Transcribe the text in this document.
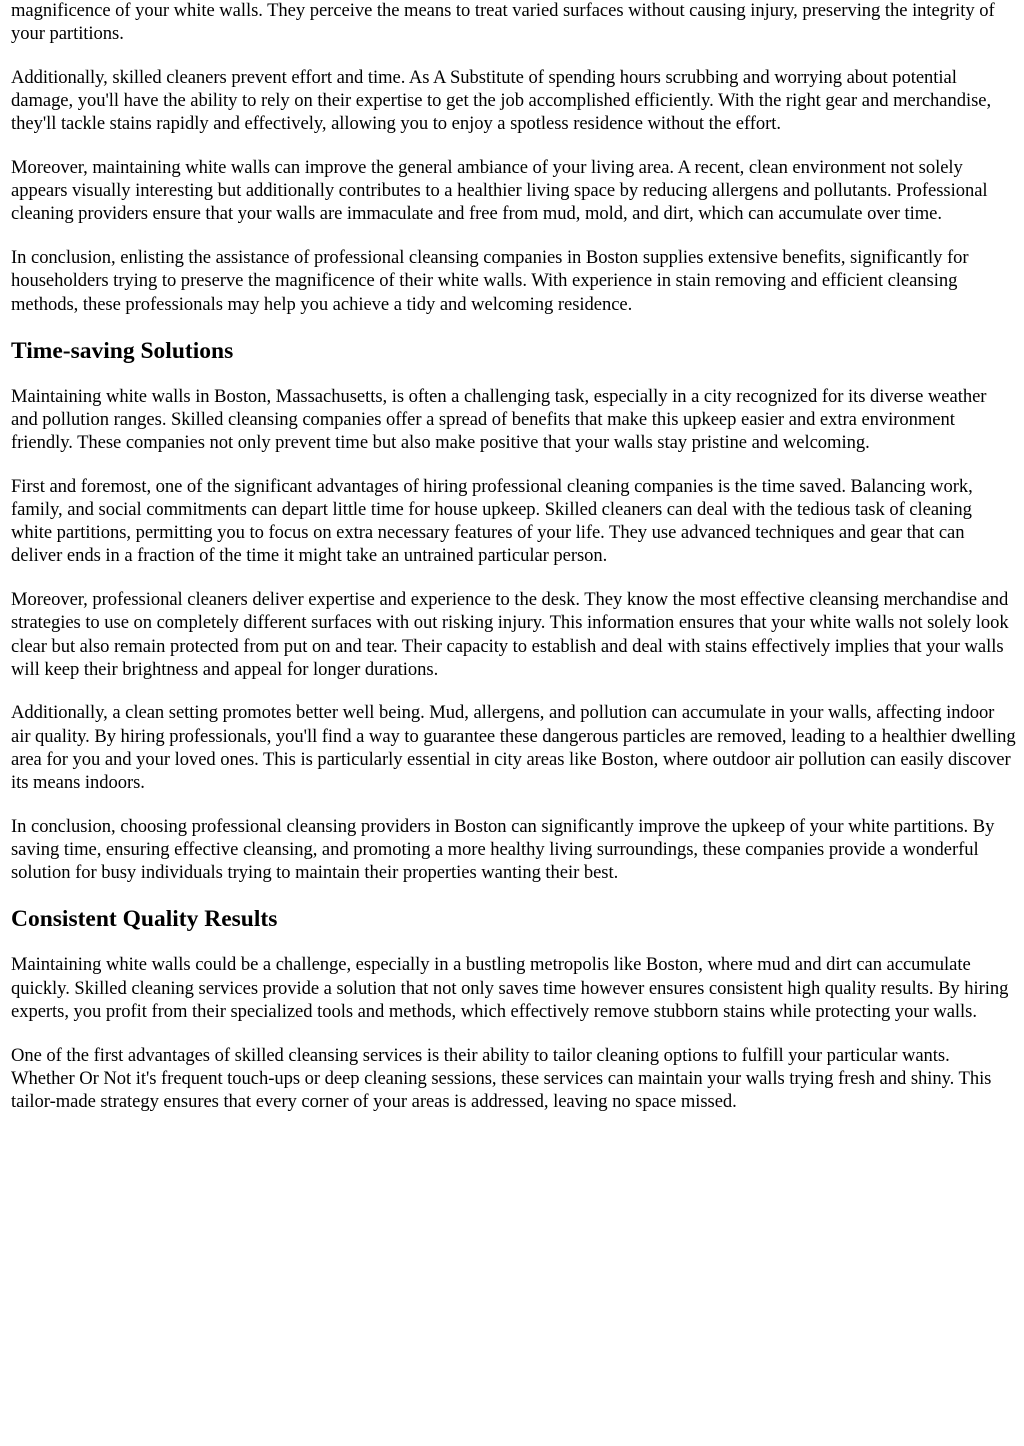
magnificence of your white walls. They perceive the means to treat varied surfaces without causing injury, preserving the integrity of your partitions.

Additionally, skilled cleaners prevent effort and time. As A Substitute of spending hours scrubbing and worrying about potential damage, you'll have the ability to rely on their expertise to get the job accomplished efficiently. With the right gear and merchandise, they'll tackle stains rapidly and effectively, allowing you to enjoy a spotless residence without the effort.

Moreover, maintaining white walls can improve the general ambiance of your living area. A recent, clean environment not solely appears visually interesting but additionally contributes to a healthier living space by reducing allergens and pollutants. Professional cleaning providers ensure that your walls are immaculate and free from mud, mold, and dirt, which can accumulate over time.

In conclusion, enlisting the assistance of professional cleansing companies in Boston supplies extensive benefits, significantly for householders trying to preserve the magnificence of their white walls. With experience in stain removing and efficient cleansing methods, these professionals may help you achieve a tidy and welcoming residence.

Time-saving Solutions

Maintaining white walls in Boston, Massachusetts, is often a challenging task, especially in a city recognized for its diverse weather and pollution ranges. Skilled cleansing companies offer a spread of benefits that make this upkeep easier and extra environment friendly. These companies not only prevent time but also make positive that your walls stay pristine and welcoming.

First and foremost, one of the significant advantages of hiring professional cleaning companies is the time saved. Balancing work, family, and social commitments can depart little time for house upkeep. Skilled cleaners can deal with the tedious task of cleaning white partitions, permitting you to focus on extra necessary features of your life. They use advanced techniques and gear that can deliver ends in a fraction of the time it might take an untrained particular person.

Moreover, professional cleaners deliver expertise and experience to the desk. They know the most effective cleansing merchandise and strategies to use on completely different surfaces with out risking injury. This information ensures that your white walls not solely look clear but also remain protected from put on and tear. Their capacity to establish and deal with stains effectively implies that your walls will keep their brightness and appeal for longer durations.

Additionally, a clean setting promotes better well being. Mud, allergens, and pollution can accumulate in your walls, affecting indoor air quality. By hiring professionals, you'll find a way to guarantee these dangerous particles are removed, leading to a healthier dwelling area for you and your loved ones. This is particularly essential in city areas like Boston, where outdoor air pollution can easily discover its means indoors.

In conclusion, choosing professional cleansing providers in Boston can significantly improve the upkeep of your white partitions. By saving time, ensuring effective cleansing, and promoting a more healthy living surroundings, these companies provide a wonderful solution for busy individuals trying to maintain their properties wanting their best.

Consistent Quality Results

Maintaining white walls could be a challenge, especially in a bustling metropolis like Boston, where mud and dirt can accumulate quickly. Skilled cleaning services provide a solution that not only saves time however ensures consistent high quality results. By hiring experts, you profit from their specialized tools and methods, which effectively remove stubborn stains while protecting your walls.

One of the first advantages of skilled cleansing services is their ability to tailor cleaning options to fulfill your particular wants. Whether Or Not it's frequent touch-ups or deep cleaning sessions, these services can maintain your walls trying fresh and shiny. This tailor-made strategy ensures that every corner of your areas is addressed, leaving no space missed.
